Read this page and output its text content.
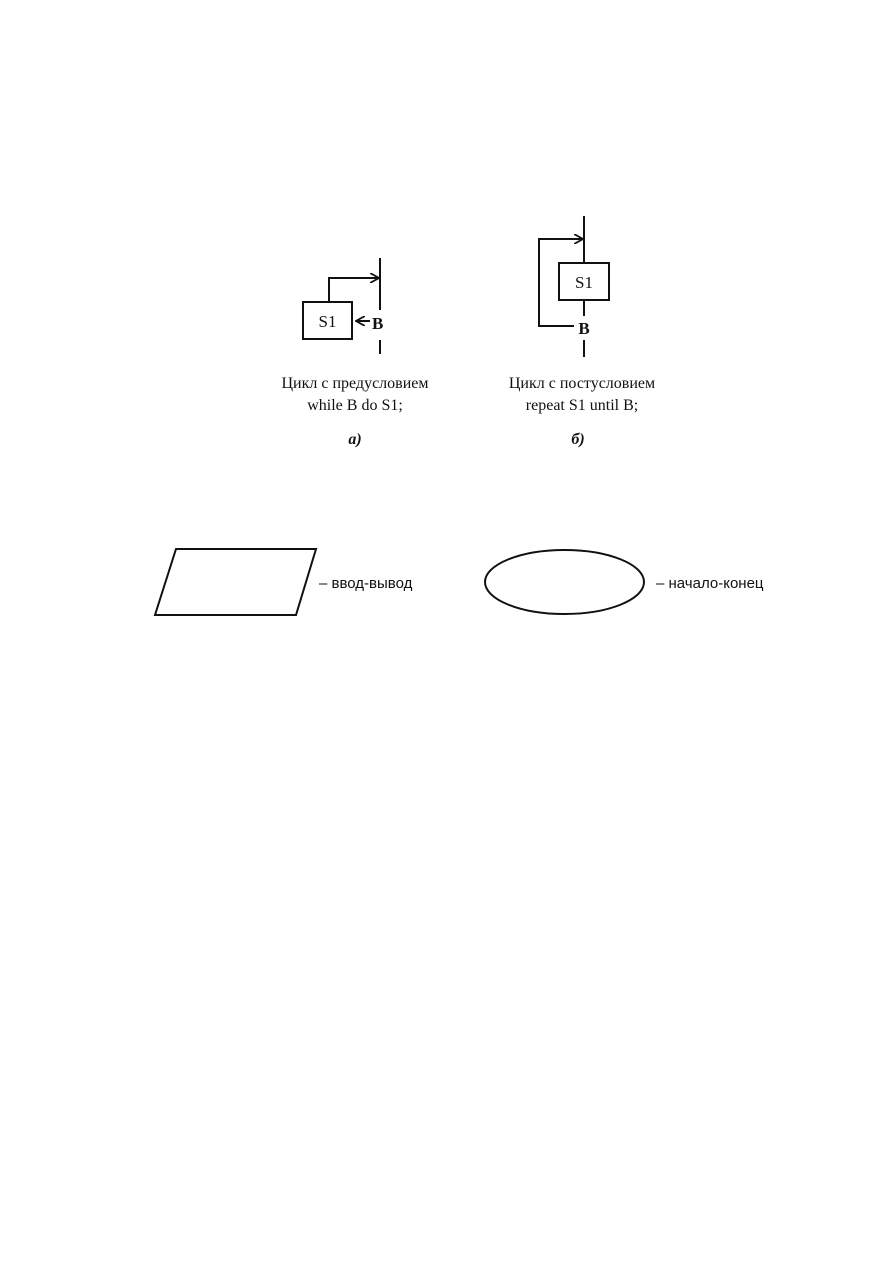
S1 B
Цикл с предусловием
while B do S1;
а)
S1
B
Цикл с постусловием
repeat S1 until B;
б)
– ввод-вывод	– начало-конец
